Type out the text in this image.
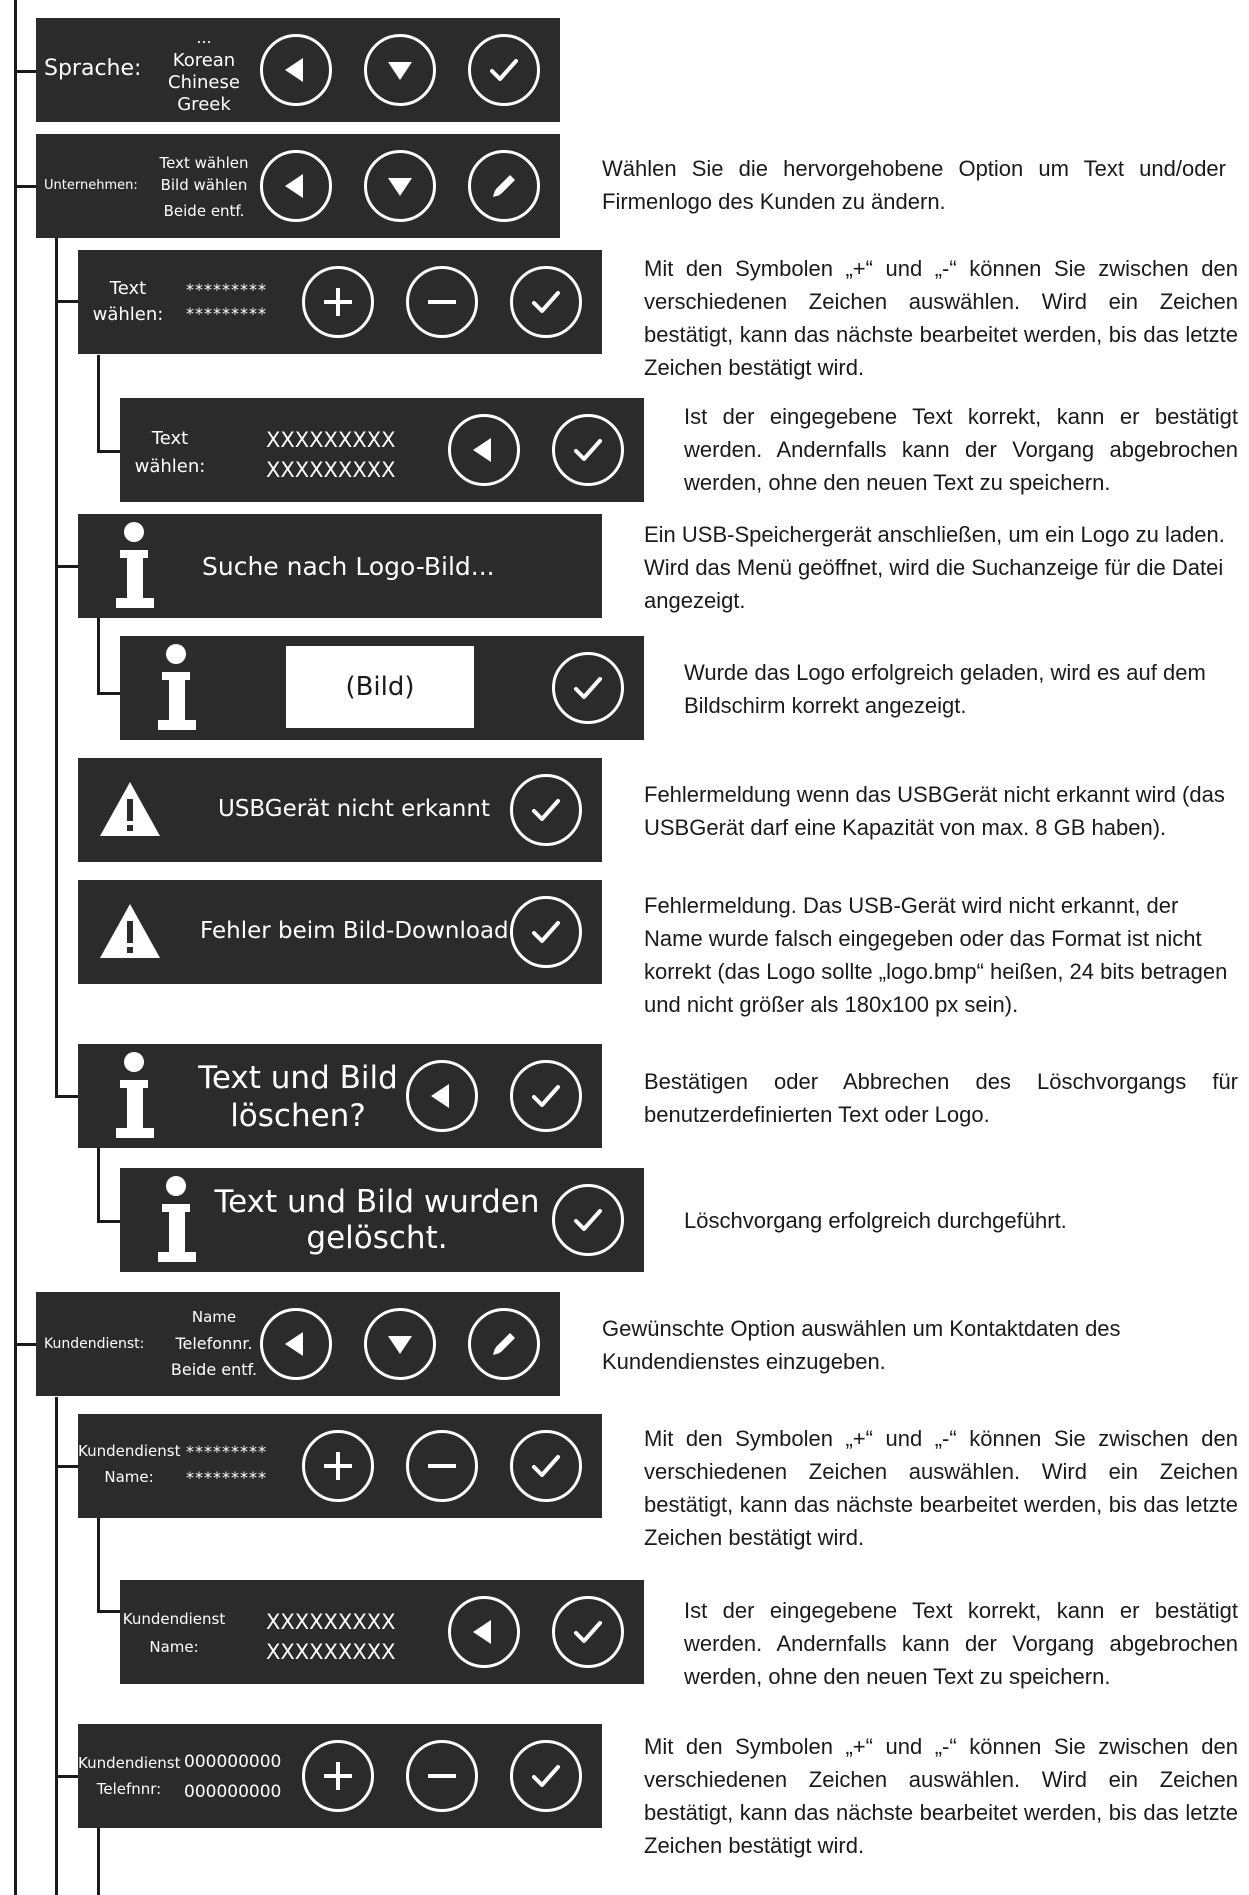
Sprache:
...
Korean
Chinese
Greek
Unternehmen:
Text wählen
Bild wählen
Beide entf.
Wählen Sie die hervorgehobene Option um Text und/oder Firmenlogo des Kunden zu ändern.
Text
wählen:
*********
*********
Mit den Symbolen „+“ und „-“ können Sie zwischen den verschiedenen Zeichen auswählen. Wird ein Zeichen bestätigt, kann das nächste bearbeitet werden, bis das letzte Zeichen bestätigt wird.
Text
wählen:
XXXXXXXXX
XXXXXXXXX
Ist der eingegebene Text korrekt, kann er bestätigt werden. Andernfalls kann der Vorgang abgebrochen werden, ohne den neuen Text zu speichern.
Suche nach Logo-Bild...
Ein USB-Speichergerät anschließen, um ein Logo zu laden. Wird das Menü geöffnet, wird die Suchanzeige für die Datei angezeigt.
(Bild)	Wurde das Logo erfolgreich geladen, wird es auf dem Bildschirm korrekt angezeigt.
USBGerät nicht erkannt
Fehlermeldung wenn das USBGerät nicht erkannt wird (das USBGerät darf eine Kapazität von max. 8 GB haben).
Fehler beim Bild-Download
Fehlermeldung. Das USB-Gerät wird nicht erkannt, der Name wurde falsch eingegeben oder das Format ist nicht korrekt (das Logo sollte „logo.bmp“ heißen, 24 bits betragen und nicht größer als 180x100 px sein).
Text und Bild
löschen?
Bestätigen oder Abbrechen des Löschvorgangs für benutzerdefinierten Text oder Logo.
Text und Bild wurden
gelöscht.	Löschvorgang erfolgreich durchgeführt.
Kundendienst:
Name
Telefonnr.
Beide entf.
Gewünschte Option auswählen um Kontaktdaten des Kundendienstes einzugeben.
Kundendienst
Name:
*********
*********
Mit den Symbolen „+“ und „-“ können Sie zwischen den verschiedenen Zeichen auswählen. Wird ein Zeichen bestätigt, kann das nächste bearbeitet werden, bis das letzte Zeichen bestätigt wird.
Kundendienst
Name:
XXXXXXXXX
XXXXXXXXX
Ist der eingegebene Text korrekt, kann er bestätigt werden. Andernfalls kann der Vorgang abgebrochen werden, ohne den neuen Text zu speichern.
Kundendienst
Telefnnr:
000000000
000000000
Mit den Symbolen „+“ und „-“ können Sie zwischen den verschiedenen Zeichen auswählen. Wird ein Zeichen bestätigt, kann das nächste bearbeitet werden, bis das letzte Zeichen bestätigt wird.
